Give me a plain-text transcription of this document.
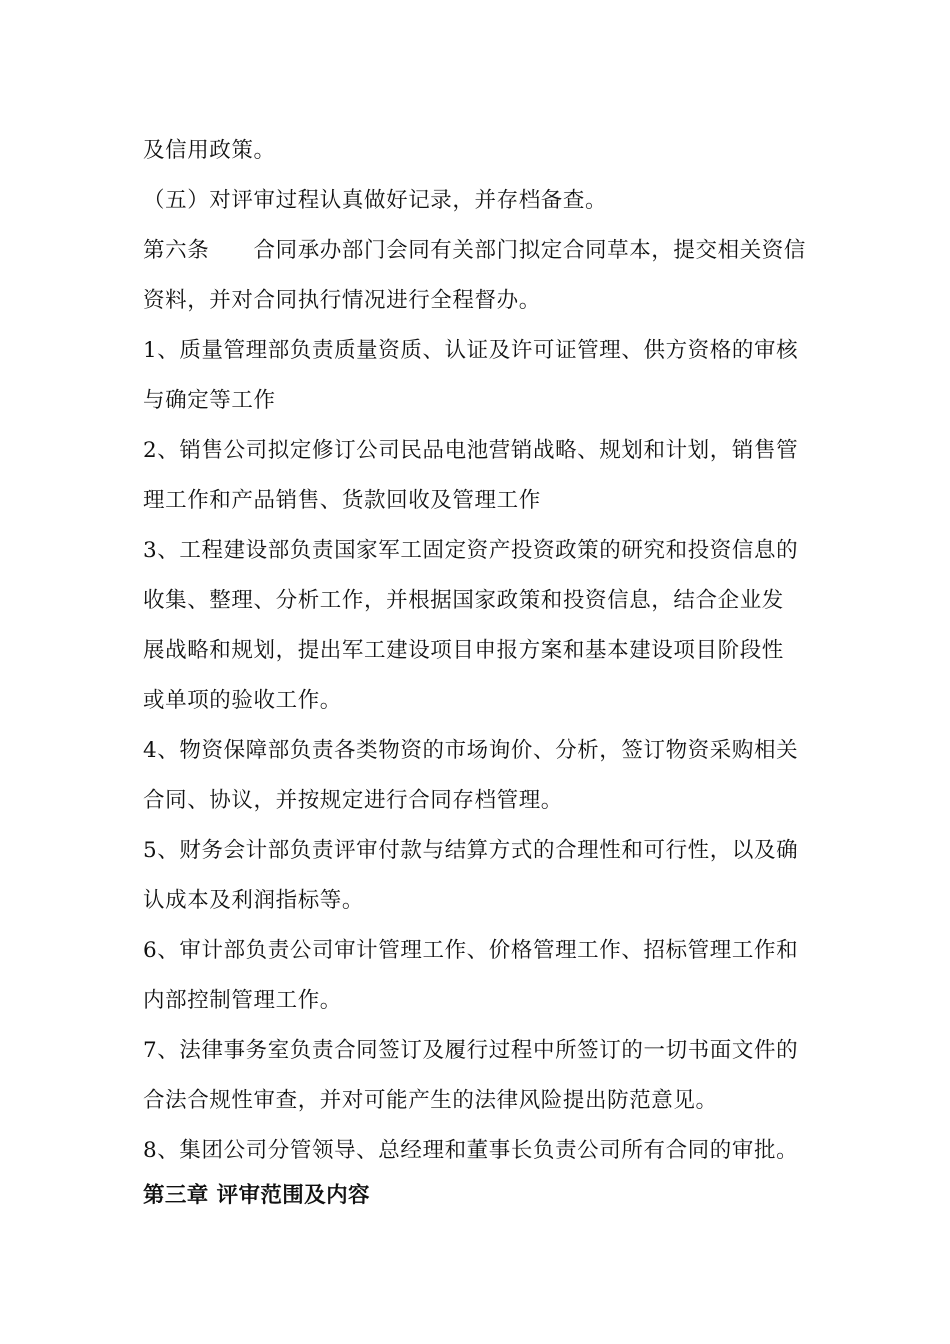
及信用政策。
（五）对评审过程认真做好记录，并存档备查。
第六条　　合同承办部门会同有关部门拟定合同草本，提交相关资信
资料，并对合同执行情况进行全程督办。
1、质量管理部负责质量资质、认证及许可证管理、供方资格的审核
与确定等工作
2、销售公司拟定修订公司民品电池营销战略、规划和计划，销售管
理工作和产品销售、货款回收及管理工作
3、工程建设部负责国家军工固定资产投资政策的研究和投资信息的
收集、整理、分析工作，并根据国家政策和投资信息，结合企业发
展战略和规划，提出军工建设项目申报方案和基本建设项目阶段性
或单项的验收工作。
4、物资保障部负责各类物资的市场询价、分析，签订物资采购相关
合同、协议，并按规定进行合同存档管理。
5、财务会计部负责评审付款与结算方式的合理性和可行性，以及确
认成本及利润指标等。
6、审计部负责公司审计管理工作、价格管理工作、招标管理工作和
内部控制管理工作。
7、法律事务室负责合同签订及履行过程中所签订的一切书面文件的
合法合规性审查，并对可能产生的法律风险提出防范意见。
8、集团公司分管领导、总经理和董事长负责公司所有合同的审批。
第三章 评审范围及内容
